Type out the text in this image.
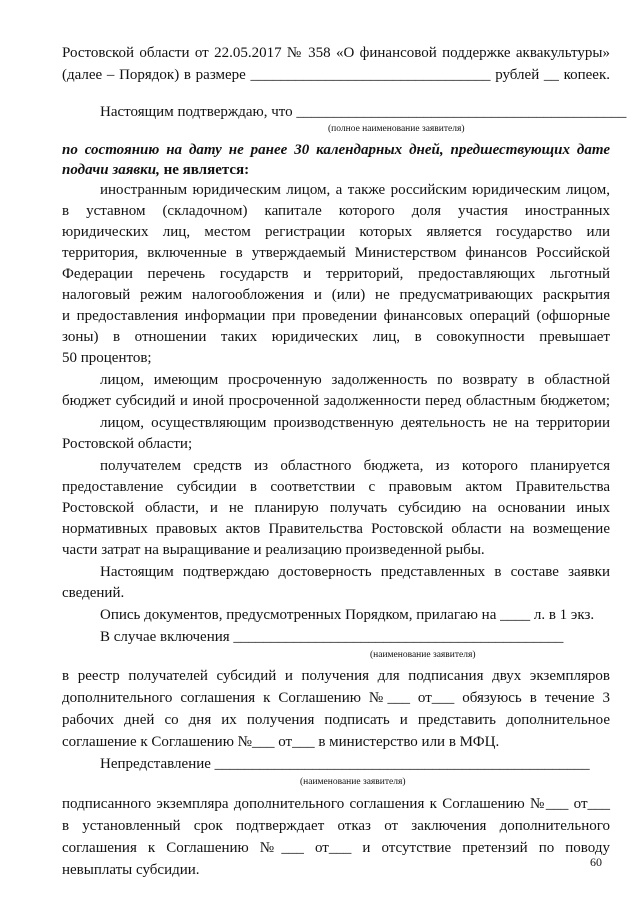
Ростовской области от 22.05.2017 № 358 «О финансовой поддержке аквакультуры»
(далее – Порядок) в размере ________________________________ рублей __ копеек.
Настоящим подтверждаю, что ____________________________________________
(полное наименование заявителя)
по состоянию на дату не ранее 30 календарных дней, предшествующих дате
подачи заявки, не является:
иностранным юридическим лицом, а также российским юридическим лицом,
в уставном (складочном) капитале которого доля участия иностранных
юридических лиц, местом регистрации которых является государство или
территория, включенные в утверждаемый Министерством финансов Российской
Федерации перечень государств и территорий, предоставляющих льготный
налоговый режим налогообложения и (или) не предусматривающих раскрытия
и предоставления информации при проведении финансовых операций (офшорные
зоны) в отношении таких юридических лиц, в совокупности превышает
50 процентов;
лицом, имеющим просроченную задолженность по возврату в областной
бюджет субсидий и иной просроченной задолженности перед областным бюджетом;
лицом, осуществляющим производственную деятельность не на территории
Ростовской области;
получателем средств из областного бюджета, из которого планируется
предоставление субсидии в соответствии с правовым актом Правительства
Ростовской области, и не планирую получать субсидию на основании иных
нормативных правовых актов Правительства Ростовской области на возмещение
части затрат на выращивание и реализацию произведенной рыбы.
Настоящим подтверждаю достоверность представленных в составе заявки
сведений.
Опись документов, предусмотренных Порядком, прилагаю на ____ л. в 1 экз.
В случае включения ____________________________________________
(наименование заявителя)
в реестр получателей субсидий и получения для подписания двух экземпляров
дополнительного соглашения к Соглашению №___ от___ обязуюсь в течение 3
рабочих дней со дня их получения подписать и представить дополнительное
соглашение к Соглашению №___ от___ в министерство или в МФЦ.
Непредставление __________________________________________________
(наименование заявителя)
подписанного экземпляра дополнительного соглашения к Соглашению №___ от___
в установленный срок подтверждает отказ от заключения дополнительного
соглашения к Соглашению №___ от___ и отсутствие претензий по поводу
невыплаты субсидии.	60
